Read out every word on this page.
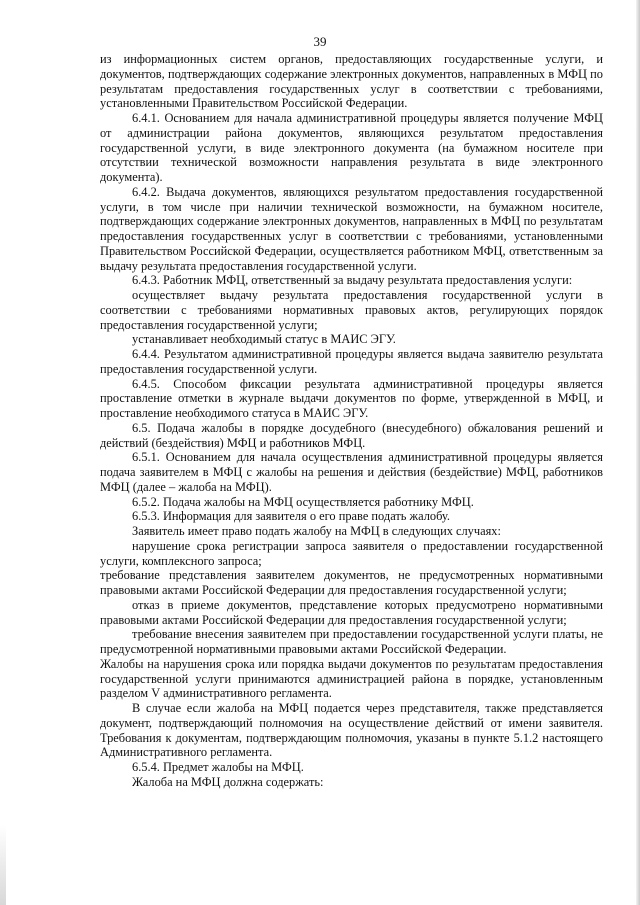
39

из информационных систем органов, предоставляющих государственные услуги, и документов, подтверждающих содержание электронных документов, направленных в МФЦ по результатам предоставления государственных услуг в соответствии с требованиями, установленными Правительством Российской Федерации.

6.4.1. Основанием для начала административной процедуры является получение МФЦ от администрации района документов, являющихся результатом предоставления государственной услуги, в виде электронного документа (на бумажном носителе при отсутствии технической возможности направления результата в виде электронного документа).

6.4.2. Выдача документов, являющихся результатом предоставления государственной услуги, в том числе при наличии технической возможности, на бумажном носителе, подтверждающих содержание электронных документов, направленных в МФЦ по результатам предоставления государственных услуг в соответствии с требованиями, установленными Правительством Российской Федерации, осуществляется работником МФЦ, ответственным за выдачу результата предоставления государственной услуги.

6.4.3. Работник МФЦ, ответственный за выдачу результата предоставления услуги:

осуществляет выдачу результата предоставления государственной услуги в соответствии с требованиями нормативных правовых актов, регулирующих порядок предоставления государственной услуги;

устанавливает необходимый статус в МАИС ЭГУ.

6.4.4. Результатом административной процедуры является выдача заявителю результата предоставления государственной услуги.

6.4.5. Способом фиксации результата административной процедуры является проставление отметки в журнале выдачи документов по форме, утвержденной в МФЦ, и проставление необходимого статуса в МАИС ЭГУ.

6.5. Подача жалобы в порядке досудебного (внесудебного) обжалования решений и действий (бездействия) МФЦ и работников МФЦ.

6.5.1. Основанием для начала осуществления административной процедуры является подача заявителем в МФЦ с жалобы на решения и действия (бездействие) МФЦ, работников МФЦ (далее – жалоба на МФЦ).

6.5.2. Подача жалобы на МФЦ осуществляется работнику МФЦ.

6.5.3. Информация для заявителя о его праве подать жалобу.

Заявитель имеет право подать жалобу на МФЦ в следующих случаях:

нарушение срока регистрации запроса заявителя о предоставлении государственной услуги, комплексного запроса;

требование представления заявителем документов, не предусмотренных нормативными правовыми актами Российской Федерации для предоставления государственной услуги;

отказ в приеме документов, представление которых предусмотрено нормативными правовыми актами Российской Федерации для предоставления государственной услуги;

требование внесения заявителем при предоставлении государственной услуги платы, не предусмотренной нормативными правовыми актами Российской Федерации.

Жалобы на нарушения срока или порядка выдачи документов по результатам предоставления государственной услуги принимаются администрацией района в порядке, установленным разделом V административного регламента.

В случае если жалоба на МФЦ подается через представителя, также представляется документ, подтверждающий полномочия на осуществление действий от имени заявителя. Требования к документам, подтверждающим полномочия, указаны в пункте 5.1.2 настоящего Административного регламента.

6.5.4. Предмет жалобы на МФЦ.

Жалоба на МФЦ должна содержать:
